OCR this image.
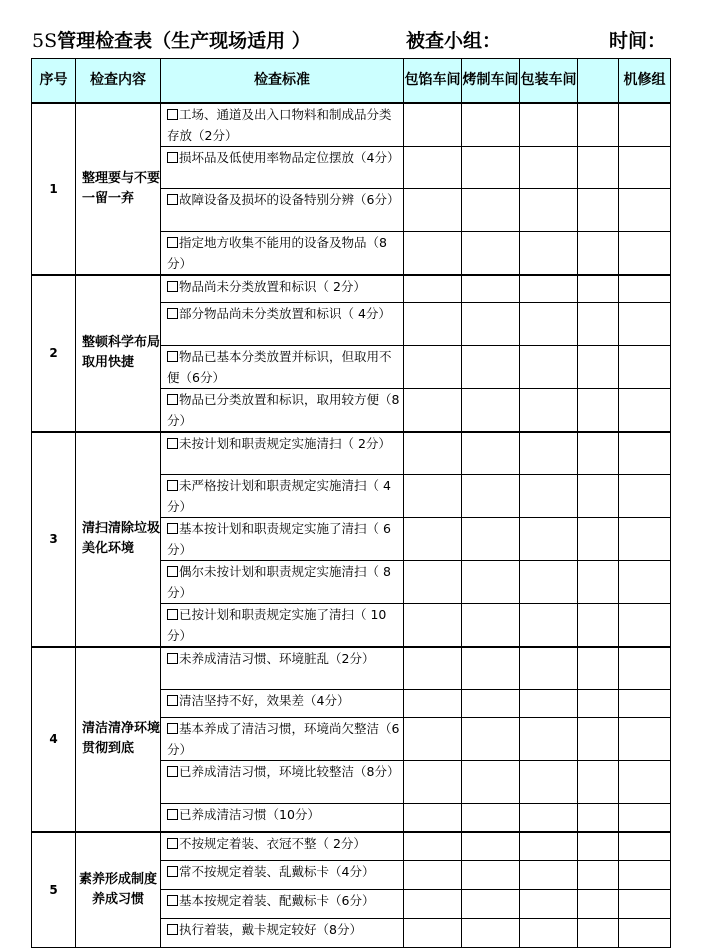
5S管理检查表（生产现场适用 ）	被查小组：	时间：
序号	检查内容	检查标准	包馅车间	烤制车间	包装车间		机修组
1	整理要与不要一留一弃	工场、通道及出入口物料和制成品分类存放（2分）					
		损坏品及低使用率物品定位摆放（4分）					
		故障设备及损坏的设备特别分辨（6分）					
		指定地方收集不能用的设备及物品（8分）					
2	整顿科学布局取用快捷	物品尚未分类放置和标识（ 2分）					
		部分物品尚未分类放置和标识（ 4分）					
		物品已基本分类放置并标识，但取用不便（6分）					
		物品已分类放置和标识，取用较方便（8分）					
3	清扫清除垃圾美化环境	未按计划和职责规定实施清扫（ 2分）					
		未严格按计划和职责规定实施清扫（ 4分）					
		基本按计划和职责规定实施了清扫（ 6分）					
		偶尔未按计划和职责规定实施清扫（ 8分）					
		已按计划和职责规定实施了清扫（ 10分）					
4	清洁清净环境贯彻到底	未养成清洁习惯、环境脏乱（2分）					
		清洁坚持不好，效果差（4分）					
		基本养成了清洁习惯，环境尚欠整洁（6分）					
		已养成清洁习惯，环境比较整洁（8分）					
		已养成清洁习惯（10分）					
5	素养形成制度养成习惯	不按规定着装、衣冠不整（ 2分）					
		常不按规定着装、乱戴标卡（4分）					
		基本按规定着装、配戴标卡（6分）					
		执行着装，戴卡规定较好（8分）					
